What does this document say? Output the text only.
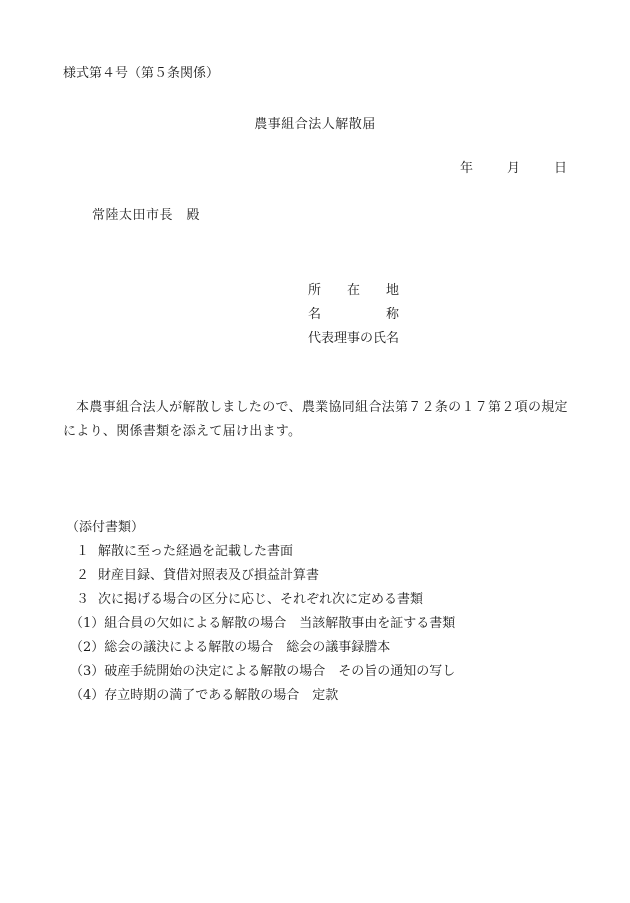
様式第４号（第５条関係）
農事組合法人解散届
年	月	日
常陸太田市長　殿
所　　在　　地
名　　　　　称
代表理事の氏名

本農事組合法人が解散しましたので、農業協同組合法第７２条の１７第２項の規定により、関係書類を添えて届け出ます。

（添付書類）
１ 解散に至った経過を記載した書面
２ 財産目録、貸借対照表及び損益計算書
３ 次に掲げる場合の区分に応じ、それぞれ次に定める書類
（1）組合員の欠如による解散の場合　当該解散事由を証する書類
（2）総会の議決による解散の場合　総会の議事録謄本
（3）破産手続開始の決定による解散の場合　その旨の通知の写し
（4）存立時期の満了である解散の場合　定款
